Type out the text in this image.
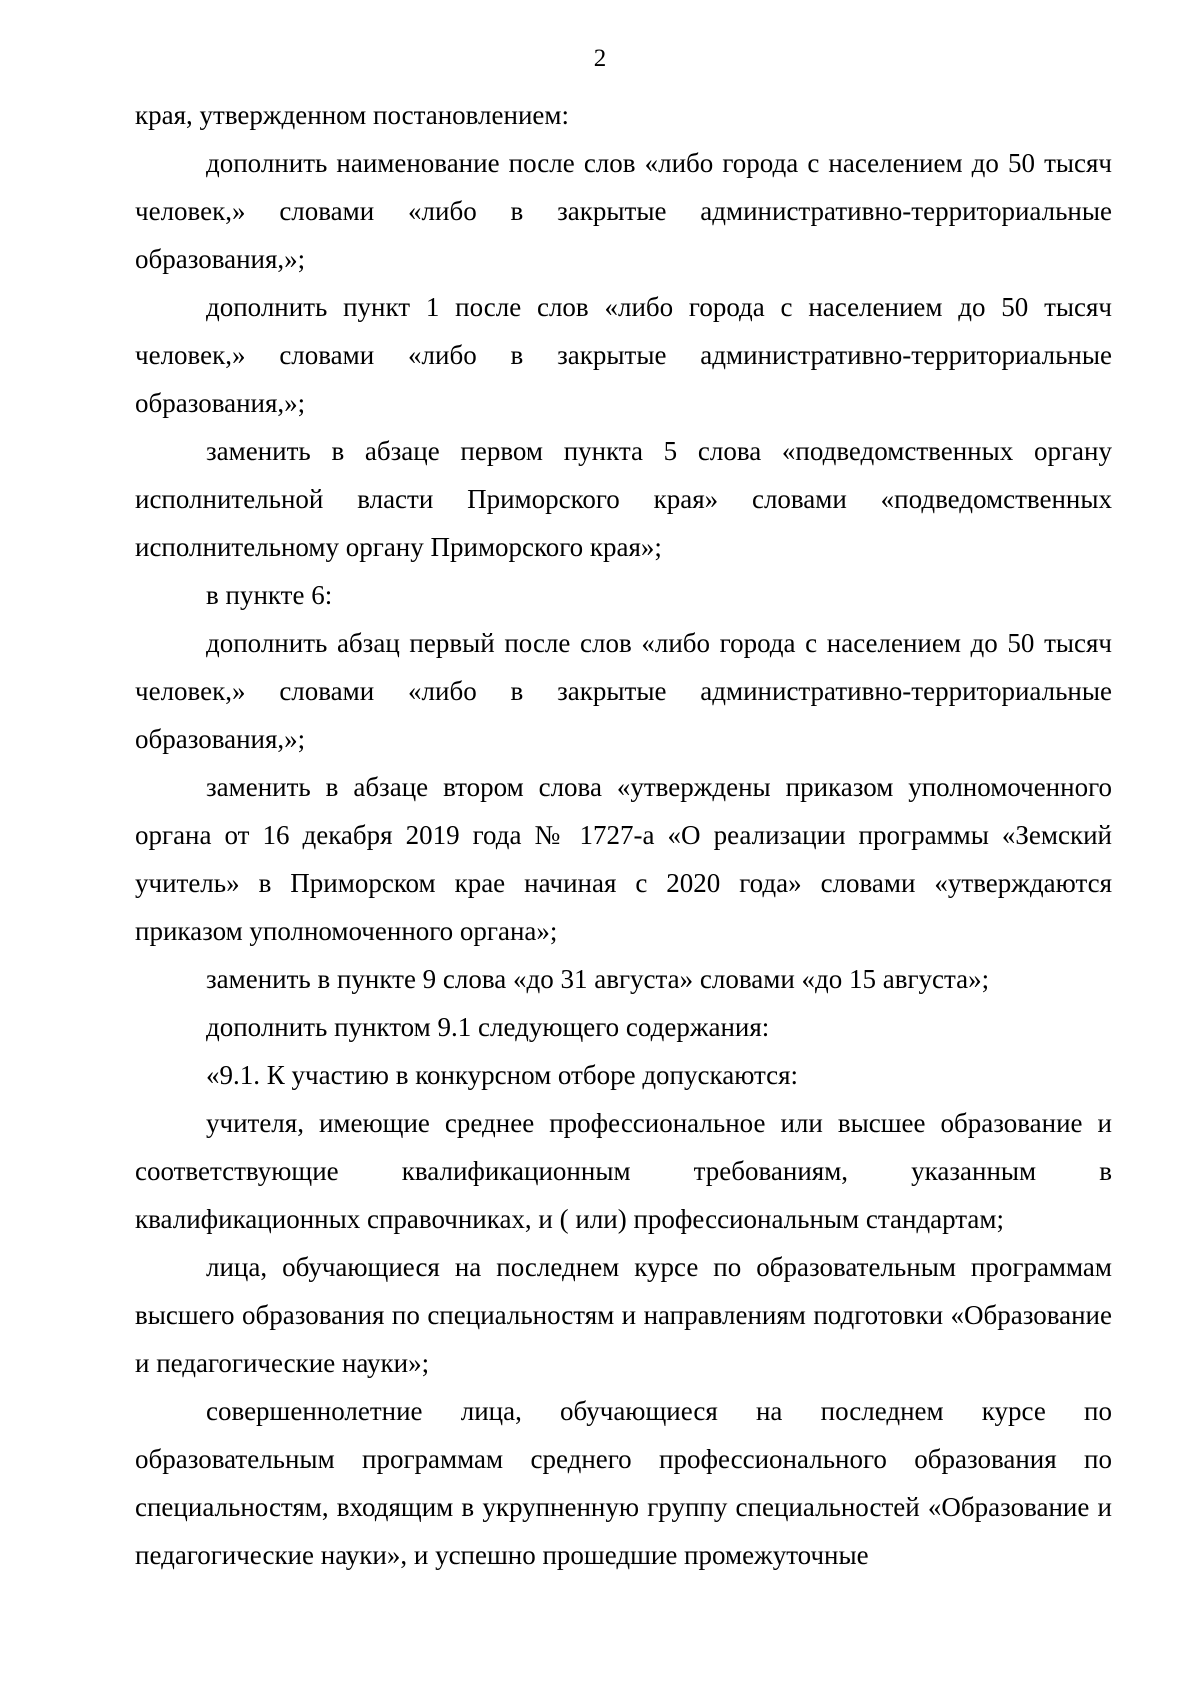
2

края, утвержденном постановлением:

дополнить наименование после слов «либо города с населением до 50 тысяч человек,» словами «либо в закрытые административно-территориальные образования,»;

дополнить пункт 1 после слов «либо города с населением до 50 тысяч человек,» словами «либо в закрытые административно-территориальные образования,»;

заменить в абзаце первом пункта 5 слова «подведомственных органу исполнительной власти Приморского края» словами «подведомственных исполнительному органу Приморского края»;

в пункте 6:

дополнить абзац первый после слов «либо города с населением до 50 тысяч человек,» словами «либо в закрытые административно-территориальные образования,»;

заменить в абзаце втором слова «утверждены приказом уполномоченного органа от 16 декабря 2019 года № 1727-а «О реализации программы «Земский учитель» в Приморском крае начиная с 2020 года» словами «утверждаются приказом уполномоченного органа»;

заменить в пункте 9 слова «до 31 августа» словами «до 15 августа»;

дополнить пунктом 9.1 следующего содержания:

«9.1. К участию в конкурсном отборе допускаются:

учителя, имеющие среднее профессиональное или высшее образование и соответствующие квалификационным требованиям, указанным в квалификационных справочниках, и ( или) профессиональным стандартам;

лица, обучающиеся на последнем курсе по образовательным программам высшего образования по специальностям и направлениям подготовки «Образование и педагогические науки»;

совершеннолетние лица, обучающиеся на последнем курсе по образовательным программам среднего профессионального образования по специальностям, входящим в укрупненную группу специальностей «Образование и педагогические науки», и успешно прошедшие промежуточные
